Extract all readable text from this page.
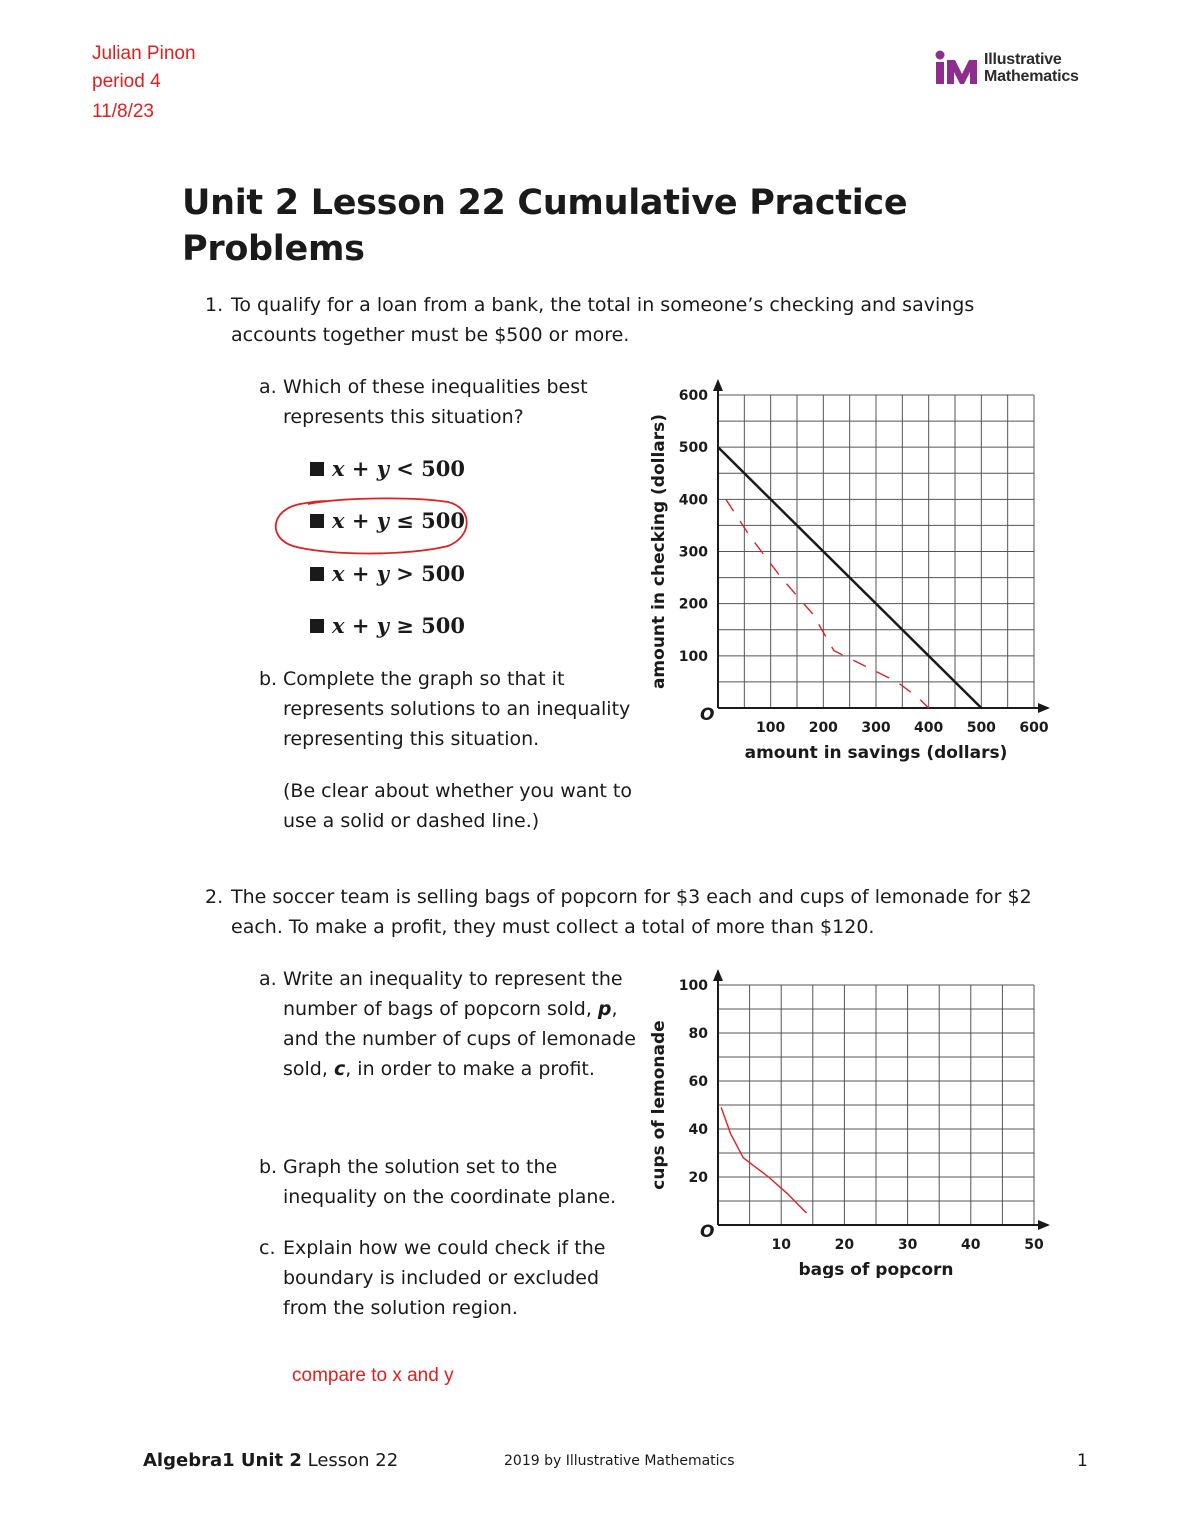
Julian Pinon
period 4
11/8/23
Illustrative
Mathematics
Unit 2 Lesson 22 Cumulative Practice
Problems
1. To qualify for a loan from a bank, the total in someone’s checking and savings
accounts together must be $500 or more.
a. Which of these inequalities best
represents this situation?
x + y < 500
x + y ≤ 500
x + y > 500
x + y ≥ 500
b. Complete the graph so that it
represents solutions to an inequality
representing this situation.
(Be clear about whether you want to
use a solid or dashed line.)
O
100 200 300 400 500 600
100
200
300
400
500
600
amount in savings (dollars)
amount in checking (dollars)
2. The soccer team is selling bags of popcorn for $3 each and cups of lemonade for $2
each. To make a profit, they must collect a total of more than $120.
a. Write an inequality to represent the
number of bags of popcorn sold, p,
and the number of cups of lemonade
sold, c, in order to make a profit.
b. Graph the solution set to the
inequality on the coordinate plane.
c. Explain how we could check if the
boundary is included or excluded
from the solution region.
compare to x and y
O
10	20	30	40	50
20
40
60
80
100
bags of popcorn
cups of lemonade
Algebra1 Unit 2 Lesson 22	2019 by Illustrative Mathematics	1
